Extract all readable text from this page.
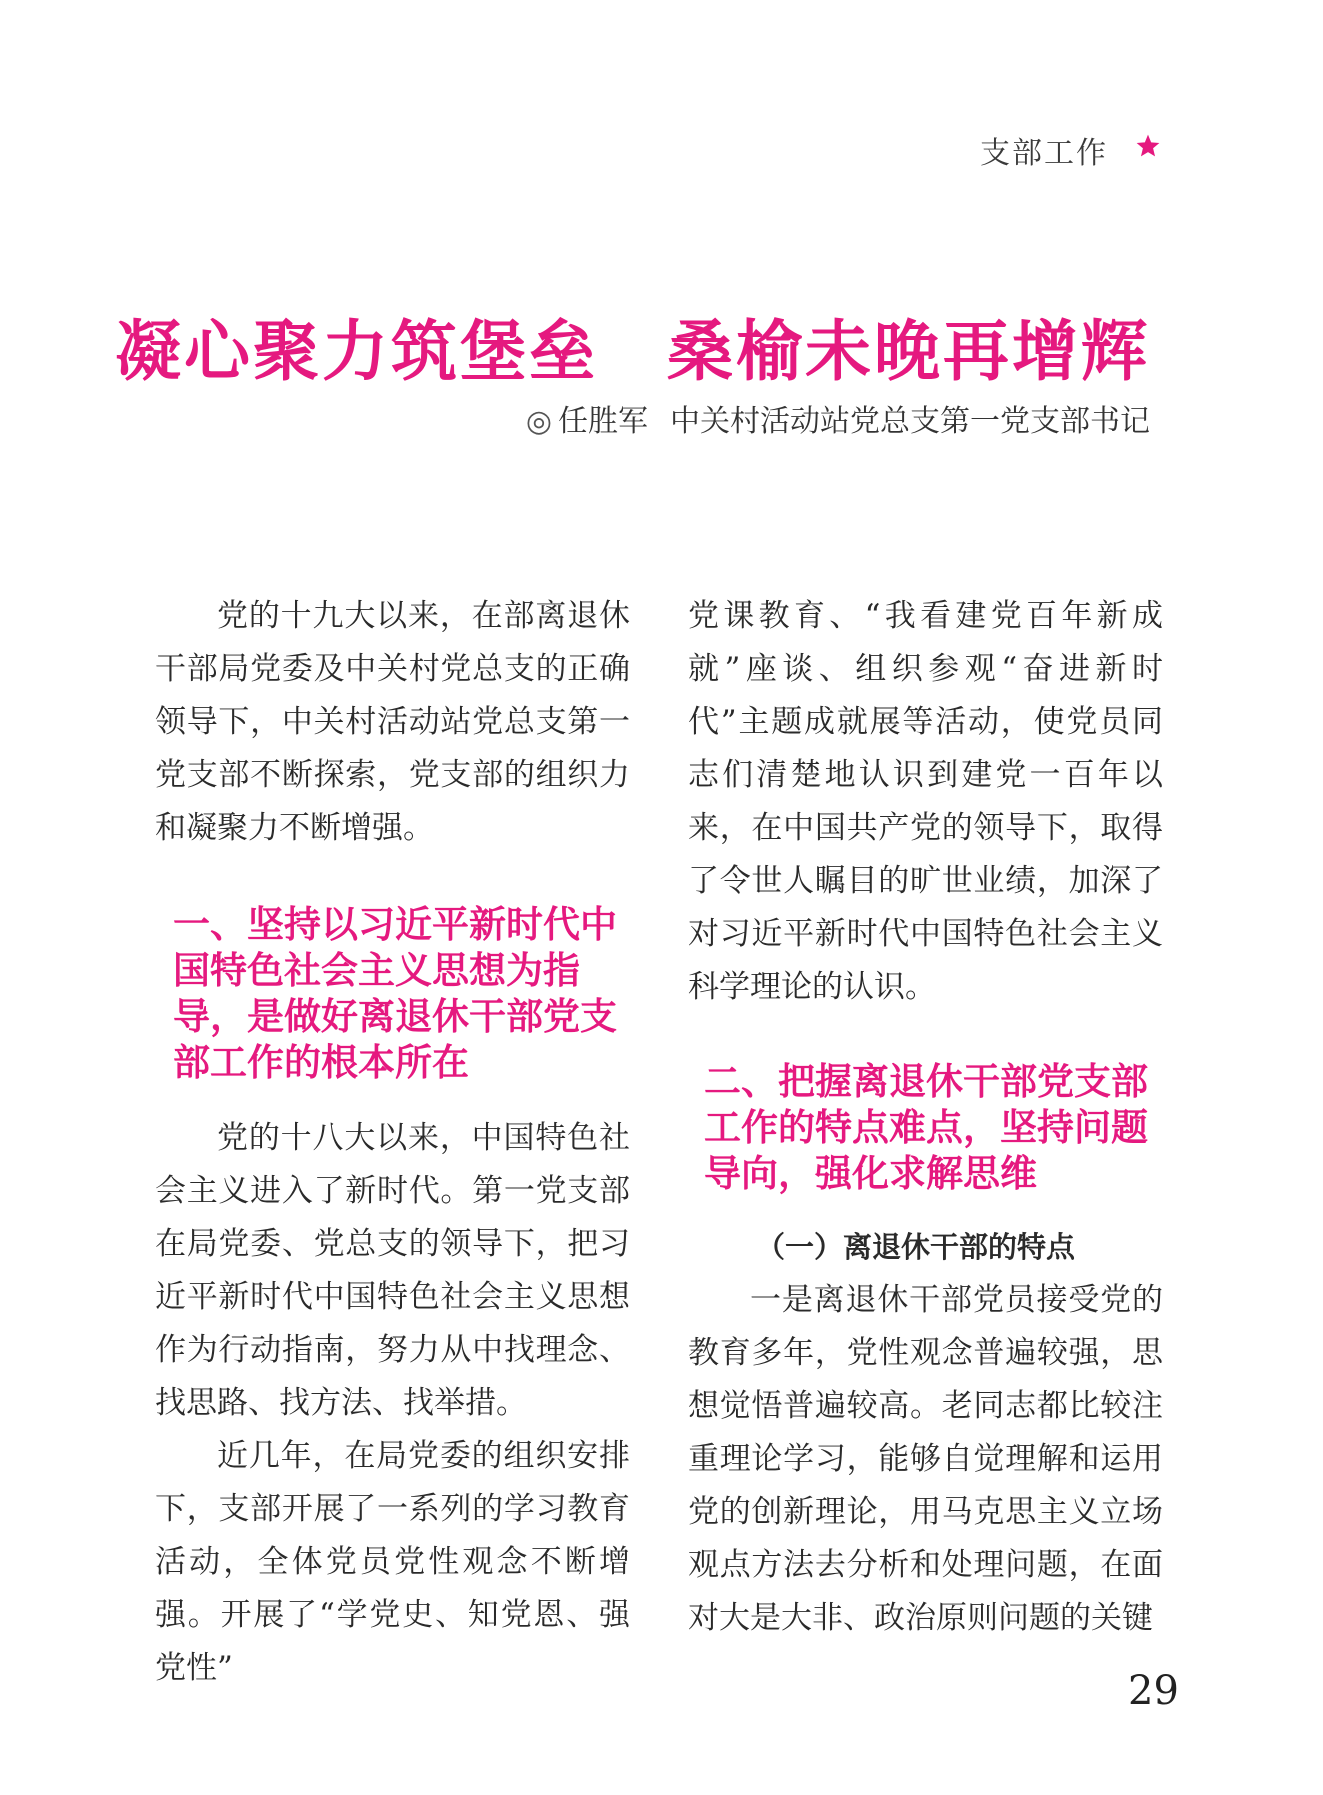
支部工作
凝心聚力筑堡垒　桑榆未晚再增辉
◎ 任胜军 中关村活动站党总支第一党支部书记

党的十九大以来，在部离退休干部局党委及中关村党总支的正确领导下，中关村活动站党总支第一党支部不断探索，党支部的组织力和凝聚力不断增强。

一、坚持以习近平新时代中国特色社会主义思想为指导，是做好离退休干部党支部工作的根本所在

党的十八大以来，中国特色社会主义进入了新时代。第一党支部在局党委、党总支的领导下，把习近平新时代中国特色社会主义思想作为行动指南，努力从中找理念、找思路、找方法、找举措。

近几年，在局党委的组织安排下，支部开展了一系列的学习教育活动，全体党员党性观念不断增强。开展了“学党史、知党恩、强党性”

党课教育、“我看建党百年新成就”座谈、组织参观“奋进新时代”主题成就展等活动，使党员同志们清楚地认识到建党一百年以来，在中国共产党的领导下，取得了令世人瞩目的旷世业绩，加深了对习近平新时代中国特色社会主义科学理论的认识。

二、把握离退休干部党支部工作的特点难点，坚持问题导向，强化求解思维
（一）离退休干部的特点

一是离退休干部党员接受党的教育多年，党性观念普遍较强，思想觉悟普遍较高。老同志都比较注重理论学习，能够自觉理解和运用党的创新理论，用马克思主义立场观点方法去分析和处理问题，在面对大是大非、政治原则问题的关键

29
